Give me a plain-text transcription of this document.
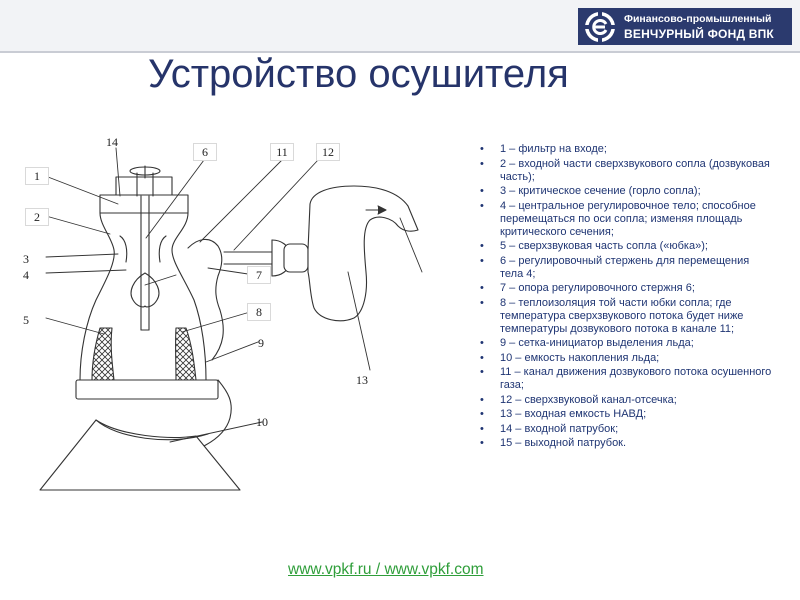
Финансово-промышленный
ВЕНЧУРНЫЙ ФОНД ВПК
Устройство осушителя
1
2
3
4
5
6
7
8
9
10
11	12
13
14
•	1 – фильтр на входе;
• 2 – входной части сверхзвукового сопла (дозвуковая часть);
• 3 – критическое сечение (горло сопла);
• 4 – центральное регулировочное тело; способное перемещаться по оси сопла; изменяя площадь критического сечения;
• 5 – сверхзвуковая часть сопла («юбка»);
• 6 – регулировочный стержень для перемещения тела 4;
• 7 – опора регулировочного стержня 6;
• 8 – теплоизоляция той части юбки сопла; где температура сверхзвукового потока будет ниже температуры дозвукового потока в канале 11;
• 9 – сетка-инициатор выделения льда;
• 10 – емкость накопления льда;
• 11 – канал движения дозвукового потока осушенного газа;
• 12 – сверхзвуковой канал-отсечка;
• 13 – входная емкость НАВД;
• 14 – входной патрубок;
• 15 – выходной патрубок.
www.vpkf.ru / www.vpkf.com
